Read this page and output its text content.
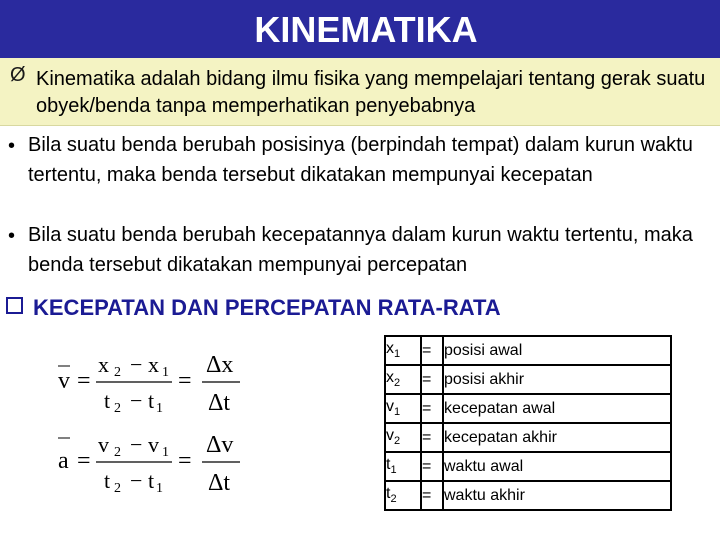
KINEMATIKA
Ø Kinematika adalah bidang ilmu fisika yang mempelajari tentang gerak suatu obyek/benda tanpa memperhatikan penyebabnya
• Bila suatu benda berubah posisinya (berpindah tempat) dalam kurun waktu tertentu, maka benda tersebut dikatakan mempunyai kecepatan
• Bila suatu benda berubah kecepatannya dalam kurun waktu tertentu, maka benda tersebut dikatakan mempunyai percepatan
KECEPATAN DAN PERCEPATAN RATA-RATA
v =
x 2 − x 1
t 2 − t 1
=
Δx
Δt
a =
v 2 − v 1
t 2 − t 1
=
Δv
Δt
$x_1$	=	posisi awal
$x_2$	=	posisi akhir
$v_1$	=	kecepatan awal
$v_2$	=	kecepatan akhir
$t_1$	=	waktu awal
$t_2$	=	waktu akhir
